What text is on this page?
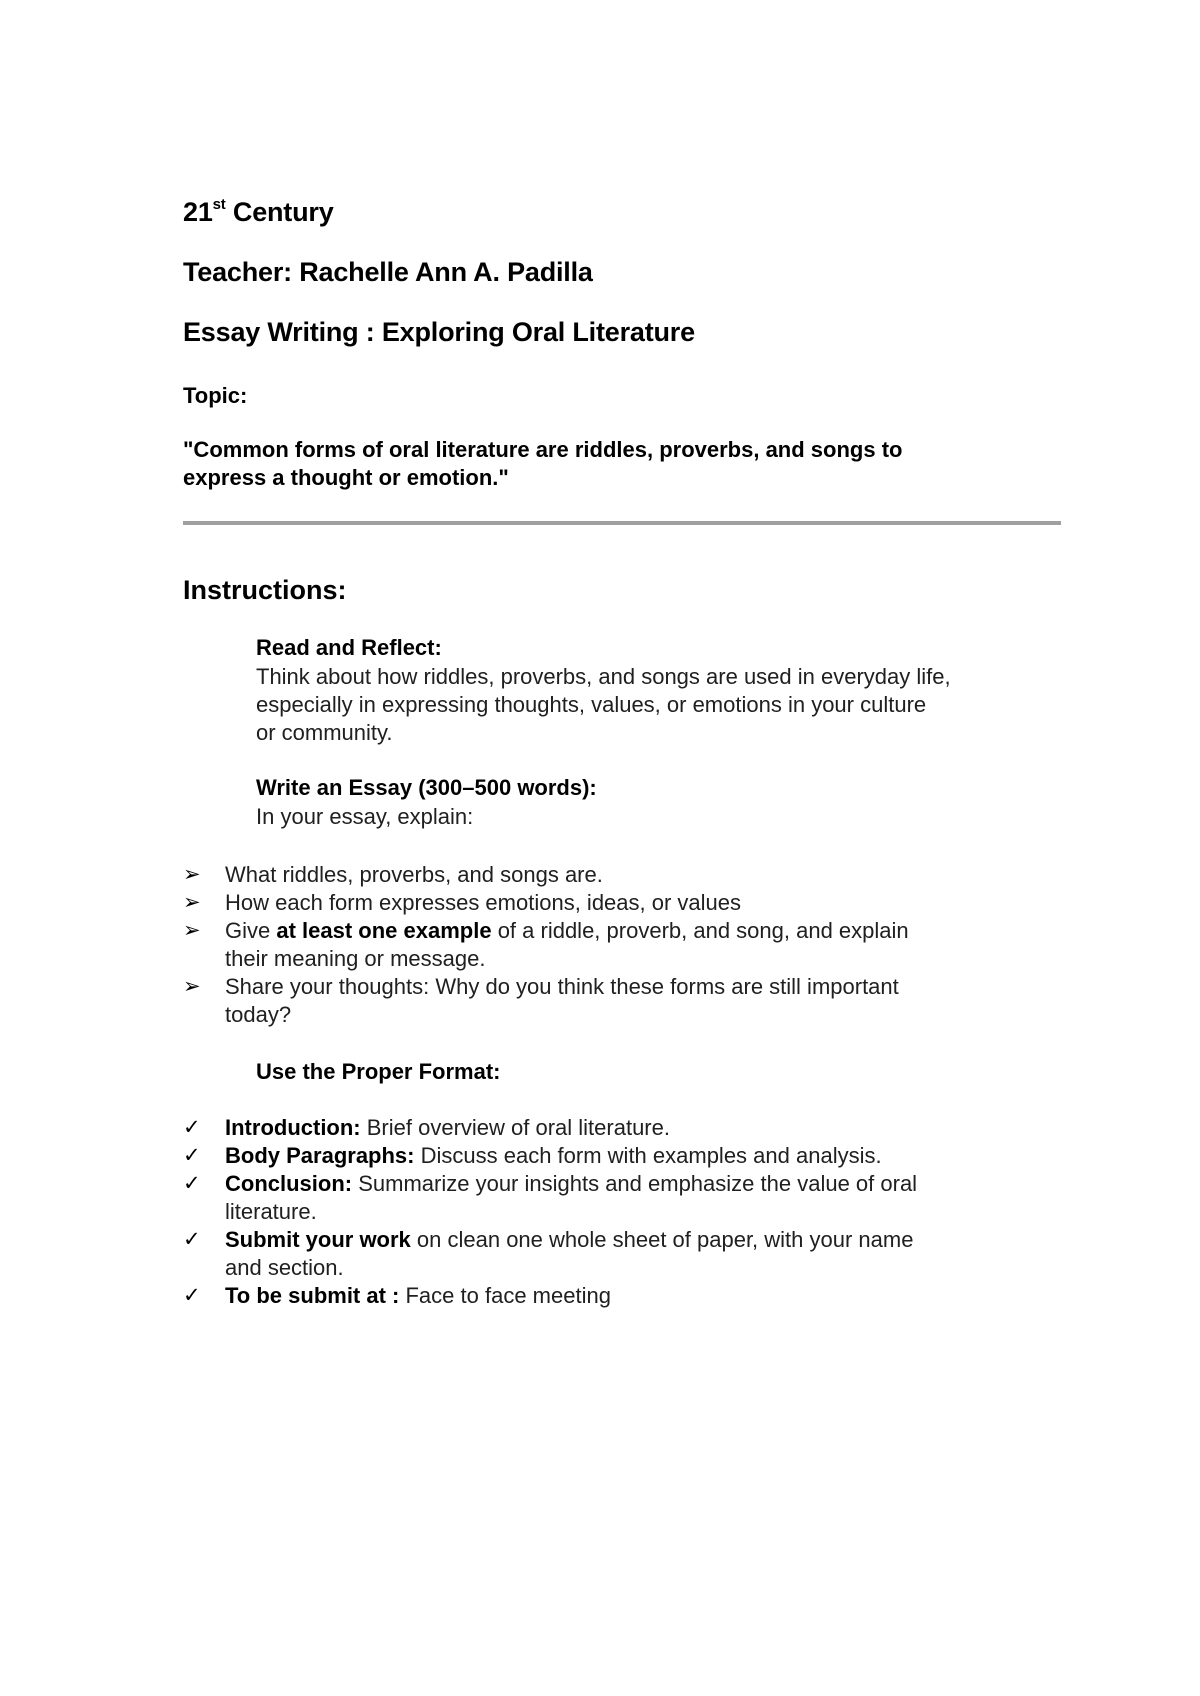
21st Century
Teacher: Rachelle Ann A. Padilla
Essay Writing : Exploring Oral Literature
Topic:
"Common forms of oral literature are riddles, proverbs, and songs to
express a thought or emotion."
Instructions:
Read and Reflect:
Think about how riddles, proverbs, and songs are used in everyday life,
especially in expressing thoughts, values, or emotions in your culture
or community.
Write an Essay (300–500 words):
In your essay, explain:
➢	What riddles, proverbs, and songs are.
➢	How each form expresses emotions, ideas, or values
➢	Give at least one example of a riddle, proverb, and song, and explain
their meaning or message.
➢	Share your thoughts: Why do you think these forms are still important
today?
Use the Proper Format:
✓	Introduction: Brief overview of oral literature.
✓	Body Paragraphs: Discuss each form with examples and analysis.
✓	Conclusion: Summarize your insights and emphasize the value of oral
literature.
✓	Submit your work on clean one whole sheet of paper, with your name
and section.
✓	To be submit at : Face to face meeting
